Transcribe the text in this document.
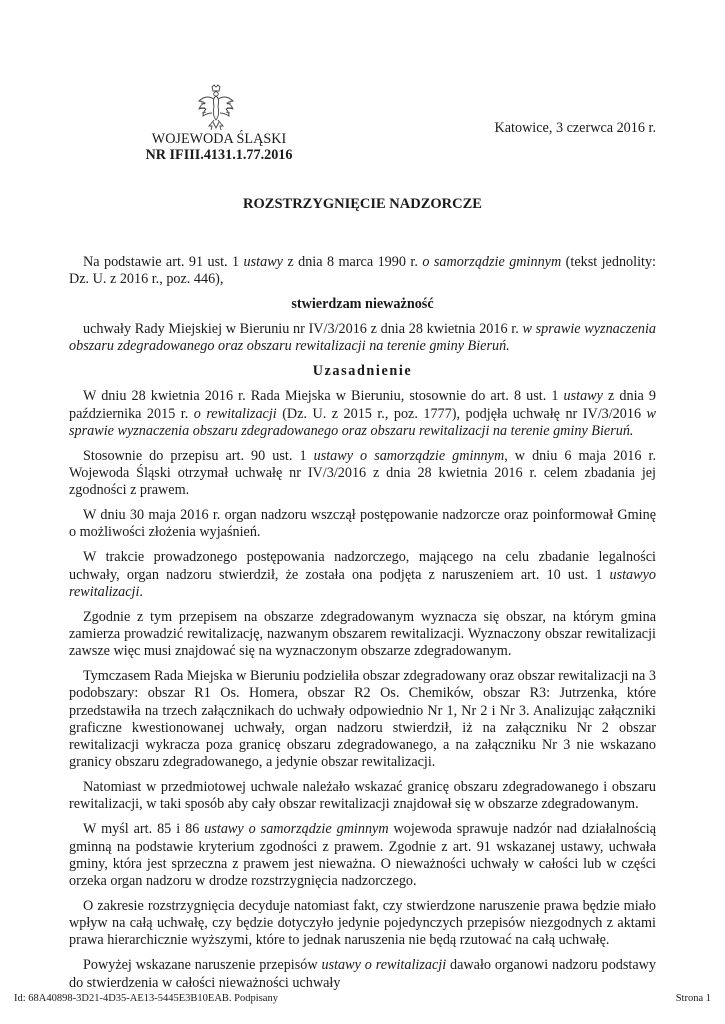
WOJEWODA ŚLĄSKI
NR IFIII.4131.1.77.2016
Katowice, 3 czerwca 2016 r.
ROZSTRZYGNIĘCIE NADZORCZE

Na podstawie art. 91 ust. 1 ustawy z dnia 8 marca 1990 r. o samorządzie gminnym (tekst jednolity: Dz. U. z 2016 r., poz. 446),

stwierdzam nieważność

uchwały Rady Miejskiej w Bieruniu nr IV/3/2016 z dnia 28 kwietnia 2016 r. w sprawie wyznaczenia obszaru zdegradowanego oraz obszaru rewitalizacji na terenie gminy Bieruń.

Uzasadnienie

W dniu 28 kwietnia 2016 r. Rada Miejska w Bieruniu, stosownie do art. 8 ust. 1 ustawy z dnia 9 października 2015 r. o rewitalizacji (Dz. U. z 2015 r., poz. 1777), podjęła uchwałę nr IV/3/2016 w sprawie wyznaczenia obszaru zdegradowanego oraz obszaru rewitalizacji na terenie gminy Bieruń.

Stosownie do przepisu art. 90 ust. 1 ustawy o samorządzie gminnym, w dniu 6 maja 2016 r. Wojewoda Śląski otrzymał uchwałę nr IV/3/2016 z dnia 28 kwietnia 2016 r. celem zbadania jej zgodności z prawem.

W dniu 30 maja 2016 r. organ nadzoru wszczął postępowanie nadzorcze oraz poinformował Gminę o możliwości złożenia wyjaśnień.

W trakcie prowadzonego postępowania nadzorczego, mającego na celu zbadanie legalności uchwały, organ nadzoru stwierdził, że została ona podjęta z naruszeniem art. 10 ust. 1 ustawyo rewitalizacji.

Zgodnie z tym przepisem na obszarze zdegradowanym wyznacza się obszar, na którym gmina zamierza prowadzić rewitalizację, nazwanym obszarem rewitalizacji. Wyznaczony obszar rewitalizacji zawsze więc musi znajdować się na wyznaczonym obszarze zdegradowanym.

Tymczasem Rada Miejska w Bieruniu podzieliła obszar zdegradowany oraz obszar rewitalizacji na 3 podobszary: obszar R1 Os. Homera, obszar R2 Os. Chemików, obszar R3: Jutrzenka, które przedstawiła na trzech załącznikach do uchwały odpowiednio Nr 1, Nr 2 i Nr 3. Analizując załączniki graficzne kwestionowanej uchwały, organ nadzoru stwierdził, iż na załączniku Nr 2 obszar rewitalizacji wykracza poza granicę obszaru zdegradowanego, a na załączniku Nr 3 nie wskazano granicy obszaru zdegradowanego, a jedynie obszar rewitalizacji.

Natomiast w przedmiotowej uchwale należało wskazać granicę obszaru zdegradowanego i obszaru rewitalizacji, w taki sposób aby cały obszar rewitalizacji znajdował się w obszarze zdegradowanym.

W myśl art. 85 i 86 ustawy o samorządzie gminnym wojewoda sprawuje nadzór nad działalnością gminną na podstawie kryterium zgodności z prawem. Zgodnie z art. 91 wskazanej ustawy, uchwała gminy, która jest sprzeczna z prawem jest nieważna. O nieważności uchwały w całości lub w części orzeka organ nadzoru w drodze rozstrzygnięcia nadzorczego.

O zakresie rozstrzygnięcia decyduje natomiast fakt, czy stwierdzone naruszenie prawa będzie miało wpływ na całą uchwałę, czy będzie dotyczyło jedynie pojedynczych przepisów niezgodnych z aktami prawa hierarchicznie wyższymi, które to jednak naruszenia nie będą rzutować na całą uchwałę.

Powyżej wskazane naruszenie przepisów ustawy o rewitalizacji dawało organowi nadzoru podstawy do stwierdzenia w całości nieważności uchwały

Id: 68A40898-3D21-4D35-AE13-5445E3B10EAB. Podpisany	Strona 1
